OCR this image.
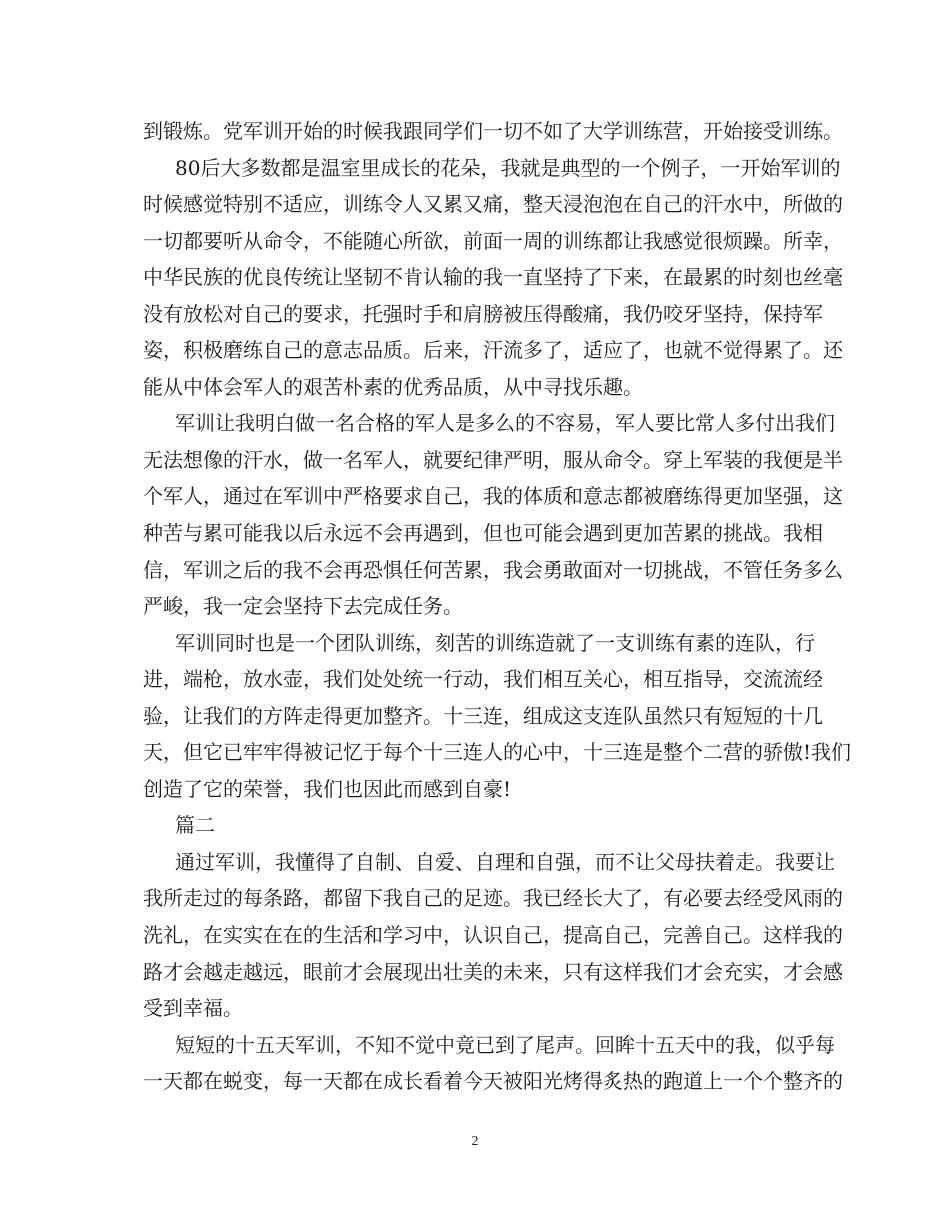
到锻炼。党军训开始的时候我跟同学们一切不如了大学训练营，开始接受训练。
80后大多数都是温室里成长的花朵，我就是典型的一个例子，一开始军训的
时候感觉特别不适应，训练令人又累又痛，整天浸泡泡在自己的汗水中，所做的
一切都要听从命令，不能随心所欲，前面一周的训练都让我感觉很烦躁。所幸，
中华民族的优良传统让坚韧不肯认输的我一直坚持了下来，在最累的时刻也丝毫
没有放松对自己的要求，托强时手和肩膀被压得酸痛，我仍咬牙坚持，保持军
姿，积极磨练自己的意志品质。后来，汗流多了，适应了，也就不觉得累了。还
能从中体会军人的艰苦朴素的优秀品质，从中寻找乐趣。
军训让我明白做一名合格的军人是多么的不容易，军人要比常人多付出我们
无法想像的汗水，做一名军人，就要纪律严明，服从命令。穿上军装的我便是半
个军人，通过在军训中严格要求自己，我的体质和意志都被磨练得更加坚强，这
种苦与累可能我以后永远不会再遇到，但也可能会遇到更加苦累的挑战。我相
信，军训之后的我不会再恐惧任何苦累，我会勇敢面对一切挑战，不管任务多么
严峻，我一定会坚持下去完成任务。
军训同时也是一个团队训练，刻苦的训练造就了一支训练有素的连队，行
进，端枪，放水壶，我们处处统一行动，我们相互关心，相互指导，交流流经
验，让我们的方阵走得更加整齐。十三连，组成这支连队虽然只有短短的十几
天，但它已牢牢得被记忆于每个十三连人的心中，十三连是整个二营的骄傲!我们
创造了它的荣誉，我们也因此而感到自豪!
篇二
通过军训，我懂得了自制、自爱、自理和自强，而不让父母扶着走。我要让
我所走过的每条路，都留下我自己的足迹。我已经长大了，有必要去经受风雨的
洗礼，在实实在在的生活和学习中，认识自己，提高自己，完善自己。这样我的
路才会越走越远，眼前才会展现出壮美的未来，只有这样我们才会充实，才会感
受到幸福。
短短的十五天军训，不知不觉中竟已到了尾声。回眸十五天中的我，似乎每
一天都在蜕变，每一天都在成长看着今天被阳光烤得炙热的跑道上一个个整齐的
2
